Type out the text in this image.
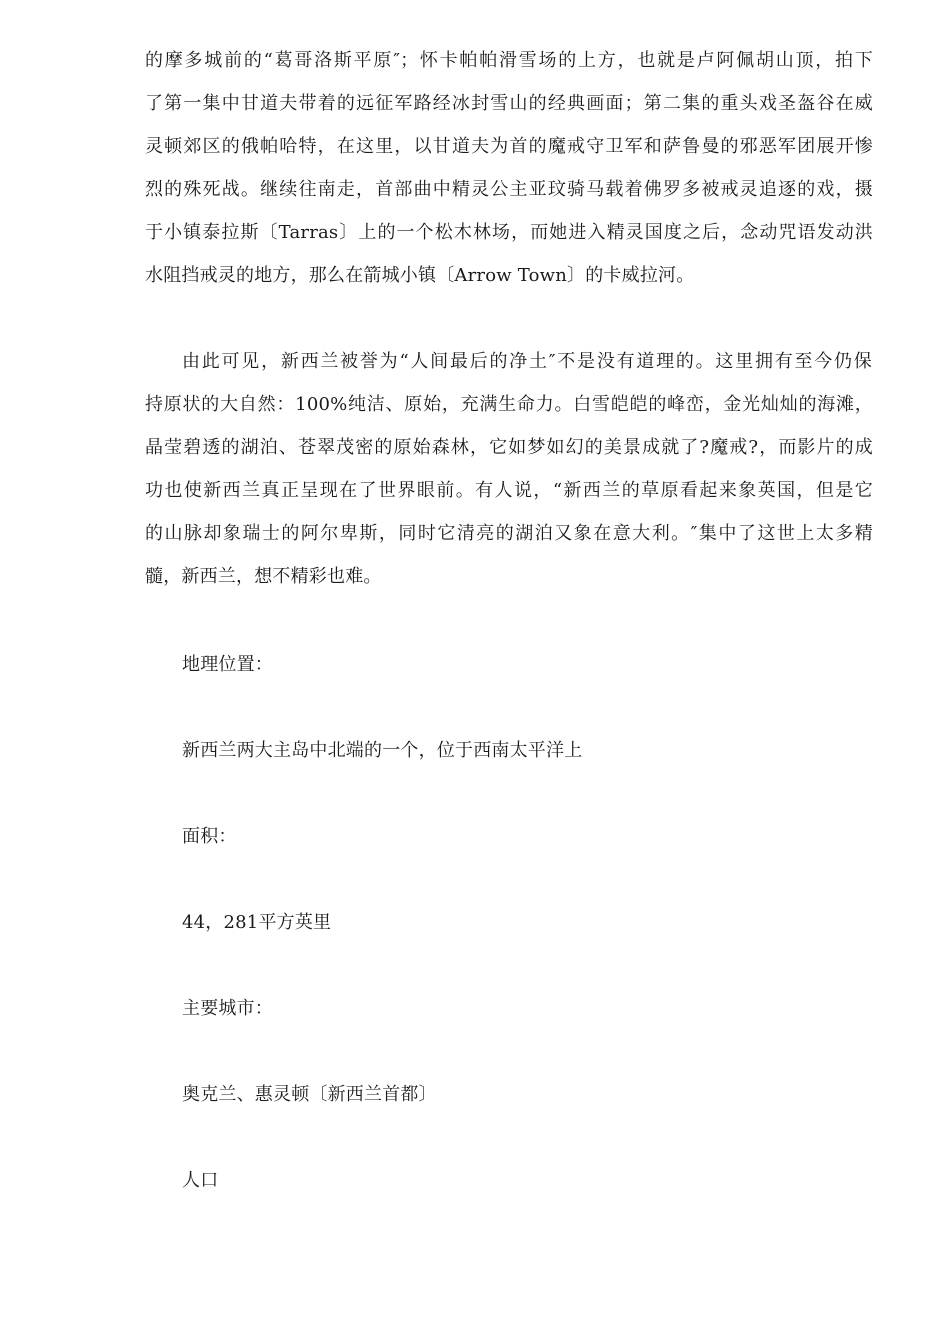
的摩多城前的“葛哥洛斯平原″；怀卡帕帕滑雪场的上方，也就是卢阿佩胡山顶，拍下
了第一集中甘道夫带着的远征军路经冰封雪山的经典画面；第二集的重头戏圣盔谷在威
灵顿郊区的俄帕哈特，在这里，以甘道夫为首的魔戒守卫军和萨鲁曼的邪恶军团展开惨
烈的殊死战。继续往南走，首部曲中精灵公主亚玟骑马载着佛罗多被戒灵追逐的戏，摄
于小镇泰拉斯〔Tarras〕上的一个松木林场，而她进入精灵国度之后，念动咒语发动洪
水阻挡戒灵的地方，那么在箭城小镇〔Arrow Town〕的卡威拉河。
由此可见，新西兰被誉为“人间最后的净土″不是没有道理的。这里拥有至今仍保
持原状的大自然：100%纯洁、原始，充满生命力。白雪皑皑的峰峦，金光灿灿的海滩，
晶莹碧透的湖泊、苍翠茂密的原始森林，它如梦如幻的美景成就了?魔戒?，而影片的成
功也使新西兰真正呈现在了世界眼前。有人说，“新西兰的草原看起来象英国，但是它
的山脉却象瑞士的阿尔卑斯，同时它清亮的湖泊又象在意大利。″集中了这世上太多精
髓，新西兰，想不精彩也难。
地理位置：
新西兰两大主岛中北端的一个，位于西南太平洋上
面积：
44，281平方英里
主要城市：
奥克兰、惠灵顿〔新西兰首都〕
人口
